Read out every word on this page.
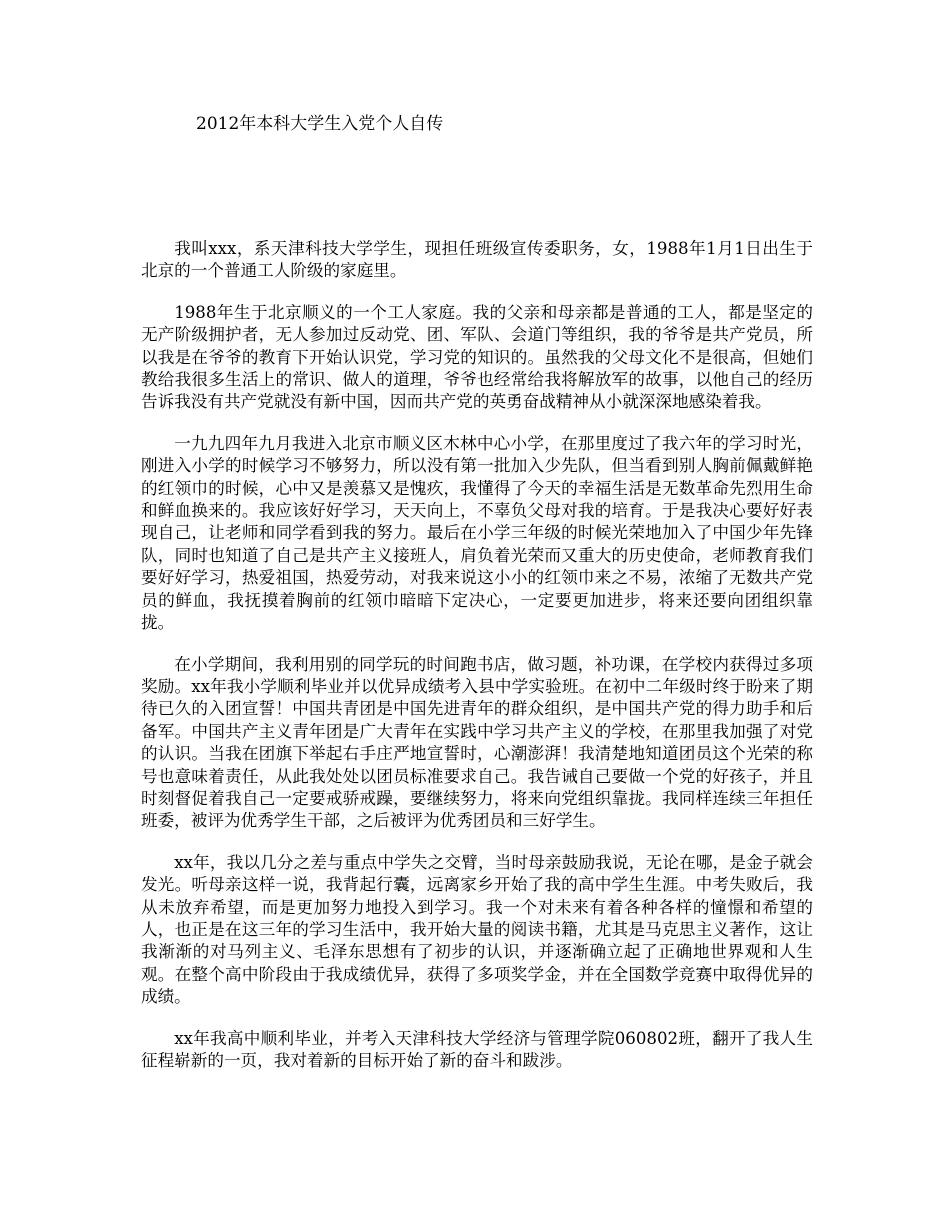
2012年本科大学生入党个人自传

我叫xxx，系天津科技大学学生，现担任班级宣传委职务，女，1988年1月1日出生于北京的一个普通工人阶级的家庭里。

1988年生于北京顺义的一个工人家庭。我的父亲和母亲都是普通的工人，都是坚定的无产阶级拥护者，无人参加过反动党、团、军队、会道门等组织，我的爷爷是共产党员，所以我是在爷爷的教育下开始认识党，学习党的知识的。虽然我的父母文化不是很高，但她们教给我很多生活上的常识、做人的道理，爷爷也经常给我将解放军的故事，以他自己的经历告诉我没有共产党就没有新中国，因而共产党的英勇奋战精神从小就深深地感染着我。

一九九四年九月我进入北京市顺义区木林中心小学，在那里度过了我六年的学习时光，刚进入小学的时候学习不够努力，所以没有第一批加入少先队，但当看到别人胸前佩戴鲜艳的红领巾的时候，心中又是羡慕又是愧疚，我懂得了今天的幸福生活是无数革命先烈用生命和鲜血换来的。我应该好好学习，天天向上，不辜负父母对我的培育。于是我决心要好好表现自己，让老师和同学看到我的努力。最后在小学三年级的时候光荣地加入了中国少年先锋队，同时也知道了自己是共产主义接班人，肩负着光荣而又重大的历史使命，老师教育我们要好好学习，热爱祖国，热爱劳动，对我来说这小小的红领巾来之不易，浓缩了无数共产党员的鲜血，我抚摸着胸前的红领巾暗暗下定决心，一定要更加进步，将来还要向团组织靠拢。

在小学期间，我利用别的同学玩的时间跑书店，做习题，补功课，在学校内获得过多项奖励。xx年我小学顺利毕业并以优异成绩考入县中学实验班。在初中二年级时终于盼来了期待已久的入团宣誓！中国共青团是中国先进青年的群众组织，是中国共产党的得力助手和后备军。中国共产主义青年团是广大青年在实践中学习共产主义的学校，在那里我加强了对党的认识。当我在团旗下举起右手庄严地宣誓时，心潮澎湃！我清楚地知道团员这个光荣的称号也意味着责任，从此我处处以团员标准要求自己。我告诫自己要做一个党的好孩子，并且时刻督促着我自己一定要戒骄戒躁，要继续努力，将来向党组织靠拢。我同样连续三年担任班委，被评为优秀学生干部，之后被评为优秀团员和三好学生。

xx年，我以几分之差与重点中学失之交臂，当时母亲鼓励我说，无论在哪，是金子就会发光。听母亲这样一说，我背起行囊，远离家乡开始了我的高中学生生涯。中考失败后，我从未放弃希望，而是更加努力地投入到学习。我一个对未来有着各种各样的憧憬和希望的人，也正是在这三年的学习生活中，我开始大量的阅读书籍，尤其是马克思主义著作，这让我渐渐的对马列主义、毛泽东思想有了初步的认识，并逐渐确立起了正确地世界观和人生观。在整个高中阶段由于我成绩优异，获得了多项奖学金，并在全国数学竞赛中取得优异的成绩。

xx年我高中顺利毕业，并考入天津科技大学经济与管理学院060802班，翻开了我人生征程崭新的一页，我对着新的目标开始了新的奋斗和跋涉。
